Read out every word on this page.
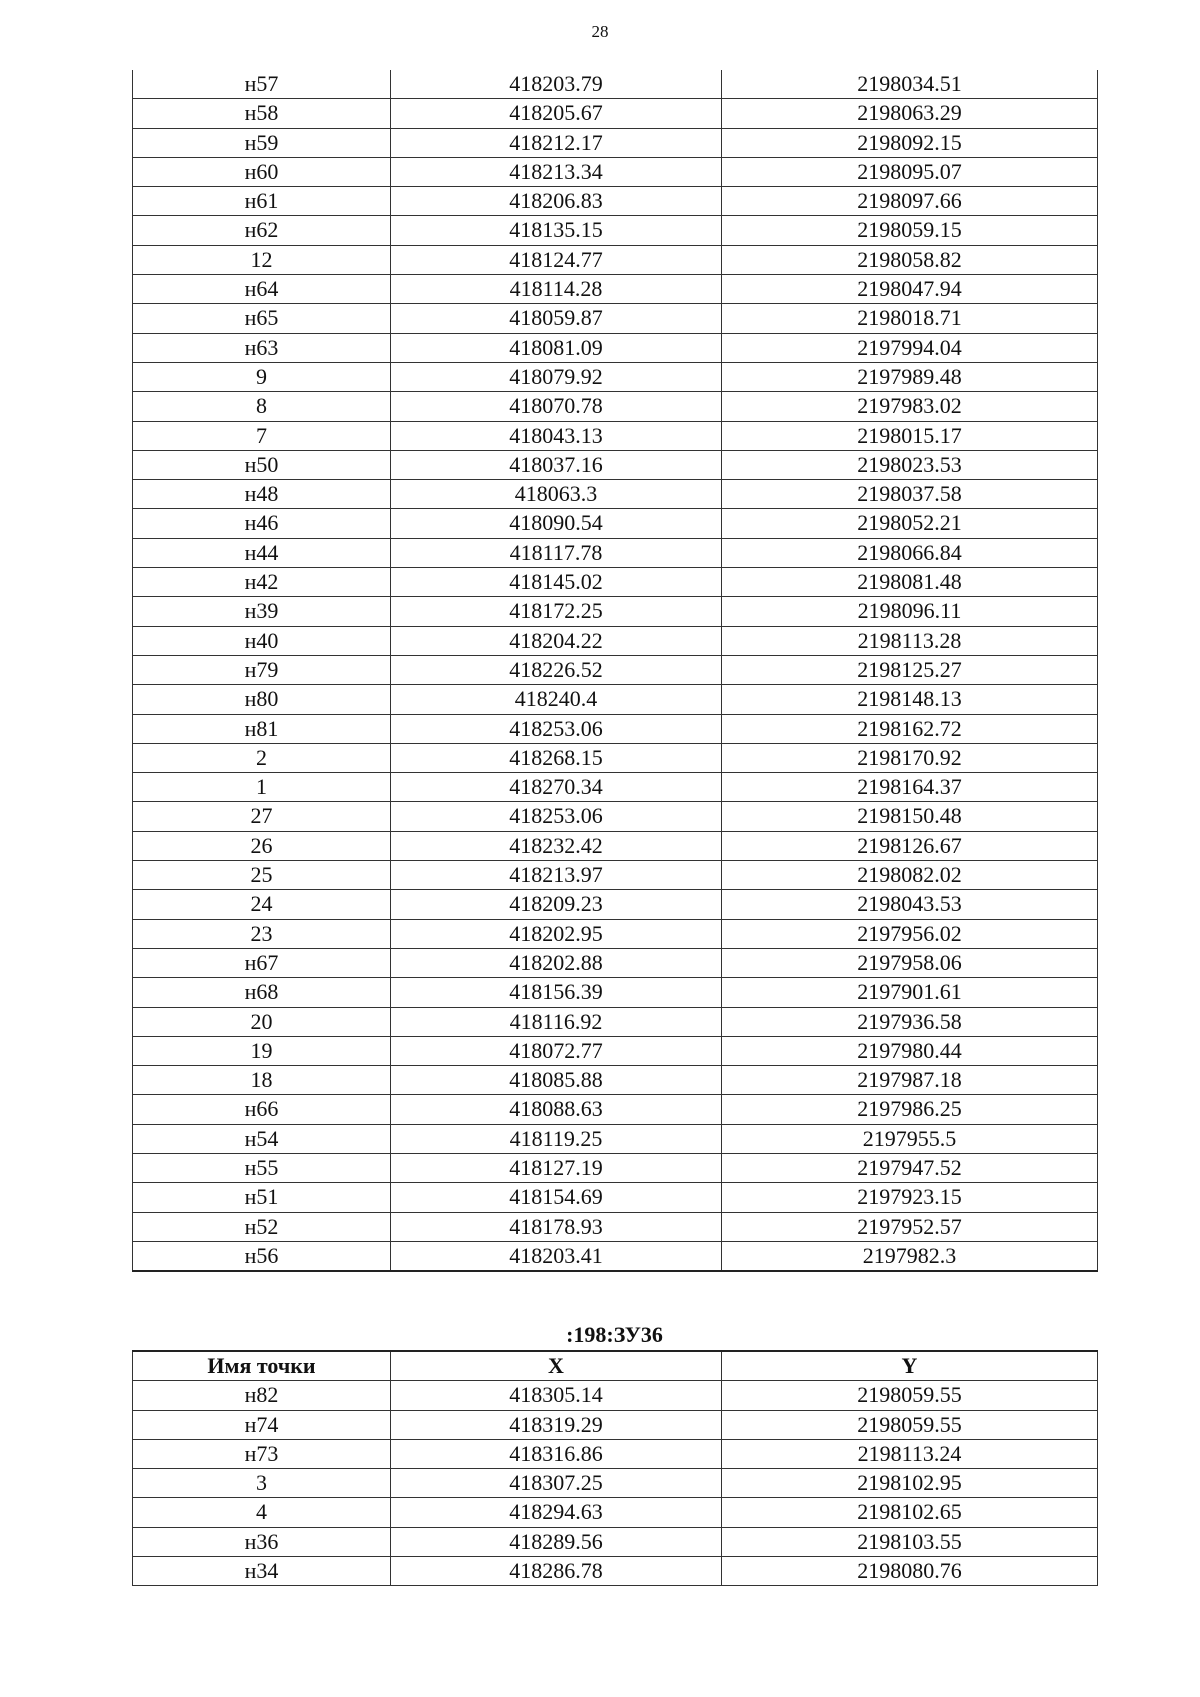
28
н57	418203.79	2198034.51
н58	418205.67	2198063.29
н59	418212.17	2198092.15
н60	418213.34	2198095.07
н61	418206.83	2198097.66
н62	418135.15	2198059.15
12	418124.77	2198058.82
н64	418114.28	2198047.94
н65	418059.87	2198018.71
н63	418081.09	2197994.04
9	418079.92	2197989.48
8	418070.78	2197983.02
7	418043.13	2198015.17
н50	418037.16	2198023.53
н48	418063.3	2198037.58
н46	418090.54	2198052.21
н44	418117.78	2198066.84
н42	418145.02	2198081.48
н39	418172.25	2198096.11
н40	418204.22	2198113.28
н79	418226.52	2198125.27
н80	418240.4	2198148.13
н81	418253.06	2198162.72
2	418268.15	2198170.92
1	418270.34	2198164.37
27	418253.06	2198150.48
26	418232.42	2198126.67
25	418213.97	2198082.02
24	418209.23	2198043.53
23	418202.95	2197956.02
н67	418202.88	2197958.06
н68	418156.39	2197901.61
20	418116.92	2197936.58
19	418072.77	2197980.44
18	418085.88	2197987.18
н66	418088.63	2197986.25
н54	418119.25	2197955.5
н55	418127.19	2197947.52
н51	418154.69	2197923.15
н52	418178.93	2197952.57
н56	418203.41	2197982.3
:198:ЗУ36
Имя точки	X	Y
н82	418305.14	2198059.55
н74	418319.29	2198059.55
н73	418316.86	2198113.24
3	418307.25	2198102.95
4	418294.63	2198102.65
н36	418289.56	2198103.55
н34	418286.78	2198080.76
